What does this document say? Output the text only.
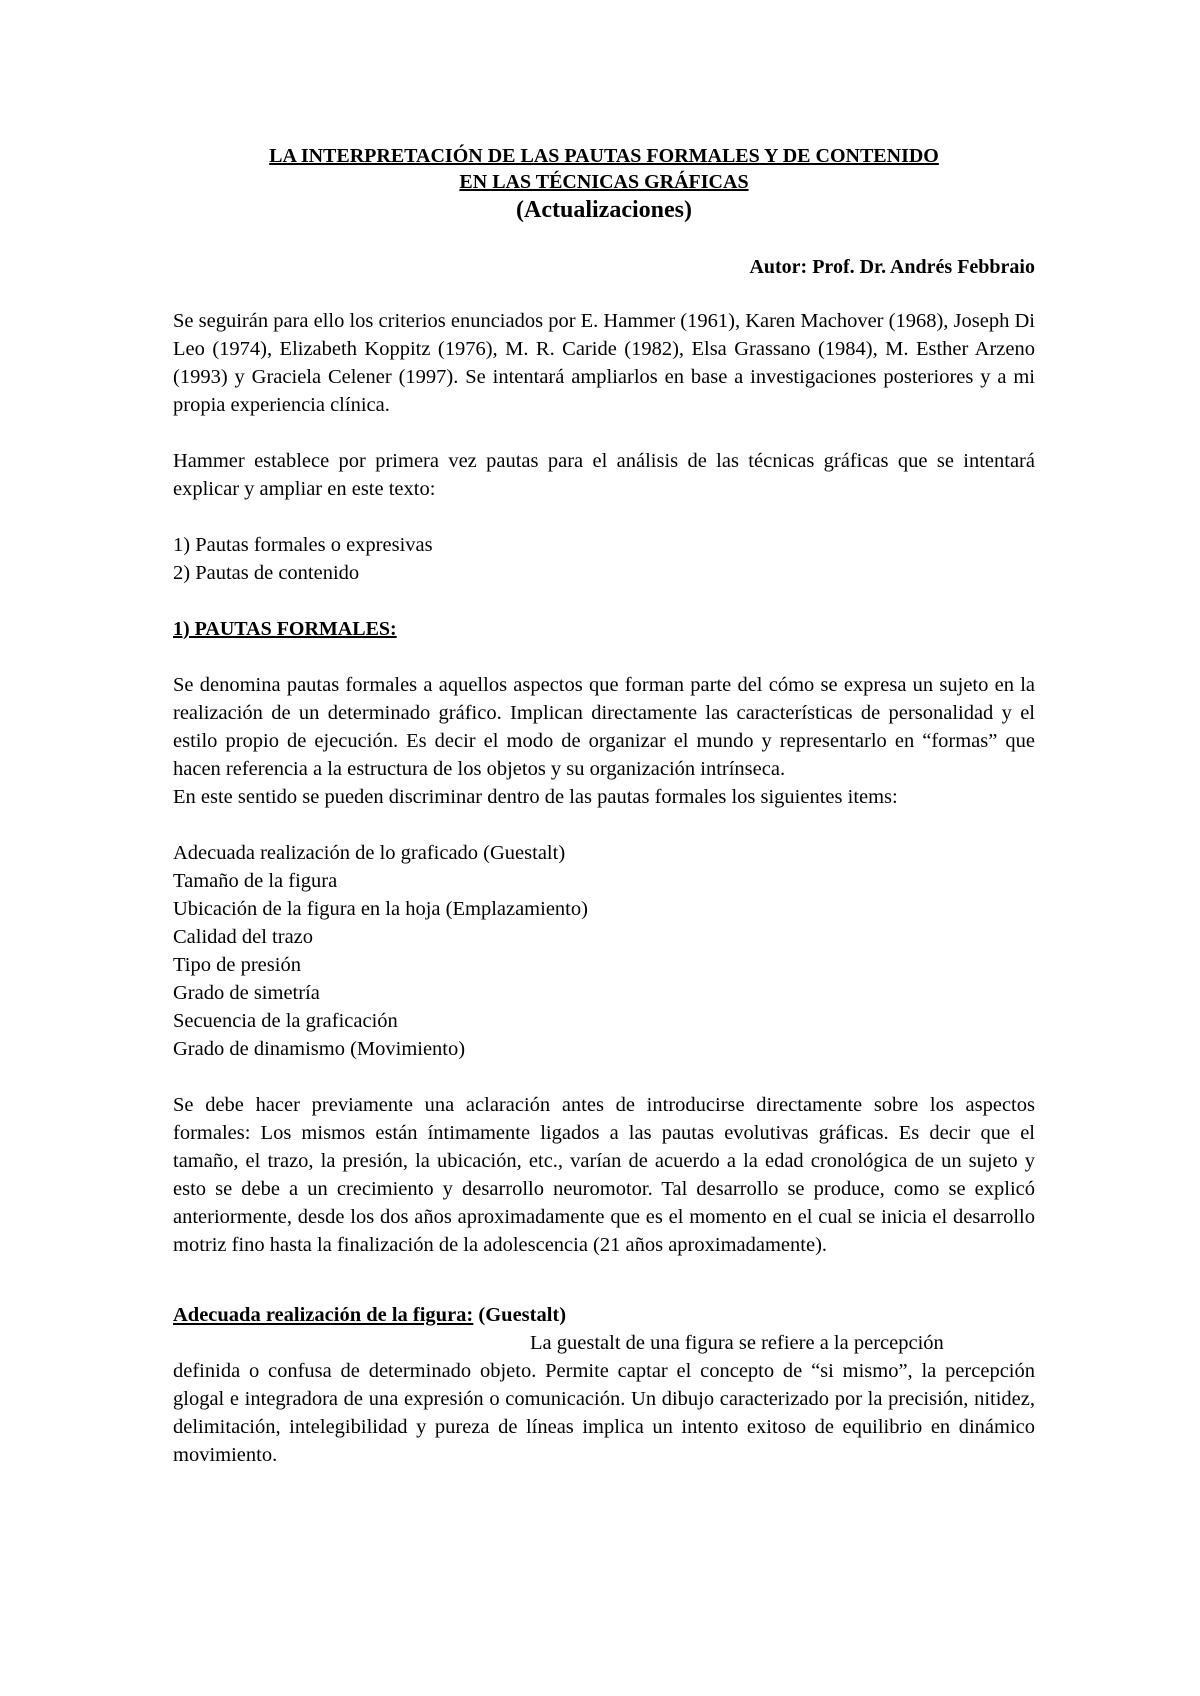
LA INTERPRETACIÓN DE LAS PAUTAS FORMALES Y DE CONTENIDO

EN LAS TÉCNICAS GRÁFICAS

(Actualizaciones)

Autor: Prof. Dr. Andrés Febbraio

Se seguirán para ello los criterios enunciados por E. Hammer (1961), Karen Machover (1968), Joseph Di Leo (1974), Elizabeth Koppitz (1976), M. R. Caride (1982), Elsa Grassano (1984), M. Esther Arzeno (1993) y Graciela Celener (1997). Se intentará ampliarlos en base a investigaciones posteriores y a mi propia experiencia clínica.

Hammer establece por primera vez pautas para el análisis de las técnicas gráficas que se intentará explicar y ampliar en este texto:

1) Pautas formales o expresivas
2) Pautas de contenido

1) PAUTAS FORMALES:

Se denomina pautas formales a aquellos aspectos que forman parte del cómo se expresa un sujeto en la realización de un determinado gráfico. Implican directamente las características de personalidad y el estilo propio de ejecución. Es decir el modo de organizar el mundo y representarlo en “formas” que hacen referencia a la estructura de los objetos y su organización intrínseca.

En este sentido se pueden discriminar dentro de las pautas formales los siguientes items:

Adecuada realización de lo graficado (Guestalt)
Tamaño de la figura
Ubicación de la figura en la hoja (Emplazamiento)
Calidad del trazo
Tipo de presión
Grado de simetría
Secuencia de la graficación
Grado de dinamismo (Movimiento)

Se debe hacer previamente una aclaración antes de introducirse directamente sobre los aspectos formales: Los mismos están íntimamente ligados a las pautas evolutivas gráficas. Es decir que el tamaño, el trazo, la presión, la ubicación, etc., varían de acuerdo a la edad cronológica de un sujeto y esto se debe a un crecimiento y desarrollo neuromotor. Tal desarrollo se produce, como se explicó anteriormente, desde los dos años aproximadamente que es el momento en el cual se inicia el desarrollo motriz fino hasta la finalización de la adolescencia (21 años aproximadamente).

Adecuada realización de la figura: (Guestalt)

La guestalt de una figura se refiere a la percepción

definida o confusa de determinado objeto. Permite captar el concepto de “si mismo”, la percepción glogal e integradora de una expresión o comunicación. Un dibujo caracterizado por la precisión, nitidez, delimitación, intelegibilidad y pureza de líneas implica un intento exitoso de equilibrio en dinámico movimiento.
